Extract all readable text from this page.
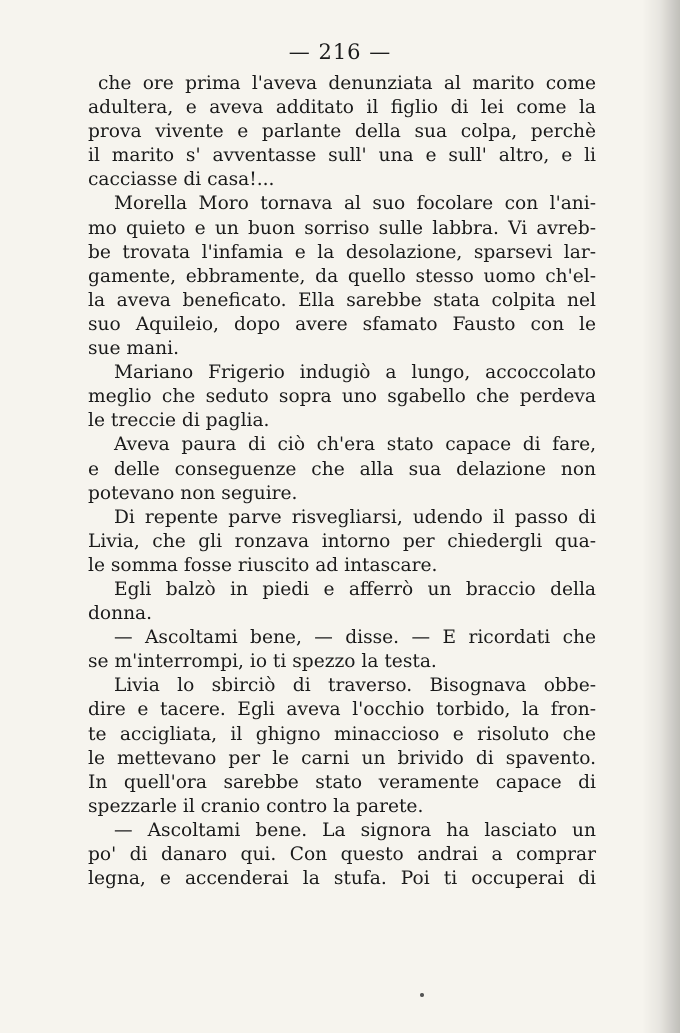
— 216 —
che ore prima l'aveva denunziata al marito come
adultera, e aveva additato il figlio di lei come la
prova vivente e parlante della sua colpa, perchè
il marito s' avventasse sull' una e sull' altro, e li
cacciasse di casa!...
Morella Moro tornava al suo focolare con l'ani-
mo quieto e un buon sorriso sulle labbra. Vi avreb-
be trovata l'infamia e la desolazione, sparsevi lar-
gamente, ebbramente, da quello stesso uomo ch'el-
la aveva beneficato. Ella sarebbe stata colpita nel
suo Aquileio, dopo avere sfamato Fausto con le
sue mani.
Mariano Frigerio indugiò a lungo, accoccolato
meglio che seduto sopra uno sgabello che perdeva
le treccie di paglia.
Aveva paura di ciò ch'era stato capace di fare,
e delle conseguenze che alla sua delazione non
potevano non seguire.
Di repente parve risvegliarsi, udendo il passo di
Livia, che gli ronzava intorno per chiedergli qua-
le somma fosse riuscito ad intascare.
Egli balzò in piedi e afferrò un braccio della
donna.
— Ascoltami bene, — disse. — E ricordati che
se m'interrompi, io ti spezzo la testa.
Livia lo sbirciò di traverso. Bisognava obbe-
dire e tacere. Egli aveva l'occhio torbido, la fron-
te accigliata, il ghigno minaccioso e risoluto che
le mettevano per le carni un brivido di spavento.
In quell'ora sarebbe stato veramente capace di
spezzarle il cranio contro la parete.
— Ascoltami bene. La signora ha lasciato un
po' di danaro qui. Con questo andrai a comprar
legna, e accenderai la stufa. Poi ti occuperai di
